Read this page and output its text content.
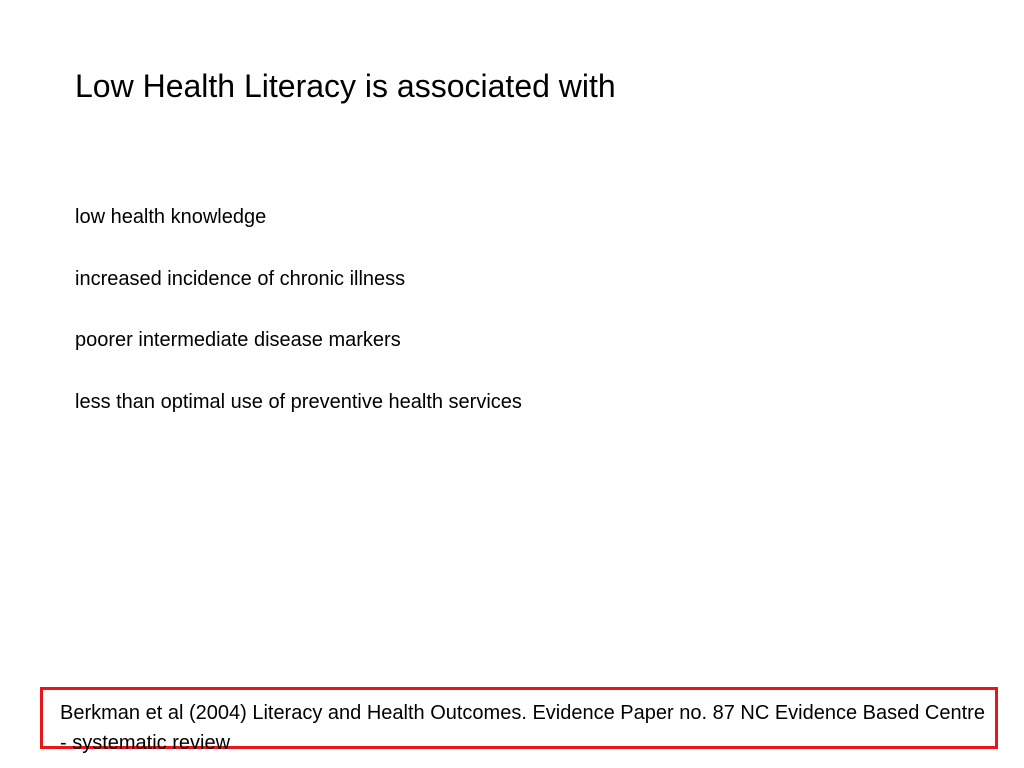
Low Health Literacy is associated with
low health knowledge
increased incidence of chronic illness
poorer intermediate disease markers
less than optimal use of preventive health services

Berkman et al (2004) Literacy and Health Outcomes. Evidence Paper no. 87 NC Evidence Based Centre - systematic review
